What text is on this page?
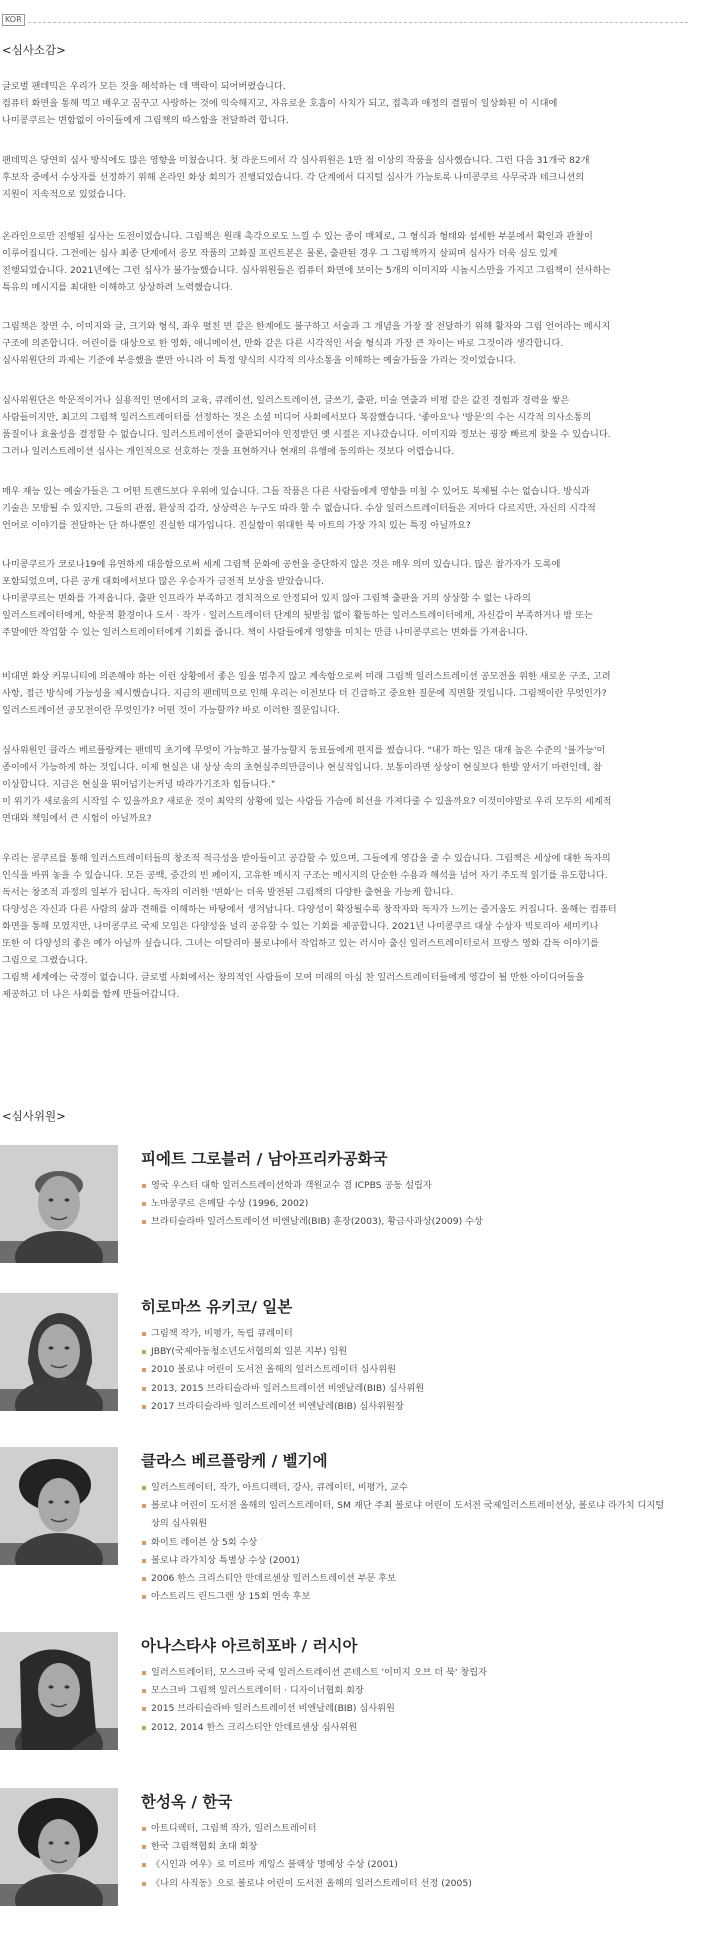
KOR
<심사소감>
글로벌 팬데믹은 우리가 모든 것을 해석하는 데 맥락이 되어버렸습니다.
컴퓨터 화면을 통해 먹고 배우고 꿈꾸고 사랑하는 것에 익숙해지고, 자유로운 호흡이 사치가 되고, 접촉과 애정의 결핍이 일상화된 이 시대에
나미콩쿠르는 변함없이 아이들에게 그림책의 따스함을 전달하려 합니다.
팬데믹은 당연히 심사 방식에도 많은 영향을 미쳤습니다. 첫 라운드에서 각 심사위원은 1만 점 이상의 작품을 심사했습니다. 그런 다음 31개국 82개
후보작 중에서 수상자를 선정하기 위해 온라인 화상 회의가 진행되었습니다. 각 단계에서 디지털 심사가 가능토록 나미콩쿠르 사무국과 테크니션의
지원이 지속적으로 있었습니다.
온라인으로만 진행된 심사는 도전이었습니다. 그림책은 원래 촉각으로도 느낄 수 있는 종이 매체로, 그 형식과 형태와 섬세한 부분에서 확인과 관찰이
이루어집니다. 그전에는 심사 최종 단계에서 응모 작품의 고화질 프린트본은 물론, 출판된 경우 그 그림책까지 살피며 심사가 더욱 심도 있게
진행되었습니다. 2021년에는 그런 심사가 불가능했습니다. 심사위원들은 컴퓨터 화면에 보이는 5개의 이미지와 시놉시스만을 가지고 그림책이 선사하는
특유의 메시지를 최대한 이해하고 상상하려 노력했습니다.
그림책은 장면 수, 이미지와 글, 크기와 형식, 좌우 펼친 면 같은 한계에도 불구하고 서술과 그 개념을 가장 잘 전달하기 위해 활자와 그림 언어라는 메시지
구조에 의존합니다. 어린이를 대상으로 한 영화, 애니메이션, 만화 같은 다른 시각적인 서술 형식과 가장 큰 차이는 바로 그것이라 생각합니다.
심사위원단의 과제는 기준에 부응했을 뿐만 아니라 이 특정 양식의 시각적 의사소통을 이해하는 예술가들을 가리는 것이었습니다.
심사위원단은 학문적이거나 실용적인 면에서의 교육, 큐레이션, 일러스트레이션, 글쓰기, 출판, 미술 연출과 비평 같은 값진 경험과 경력을 쌓은
사람들이지만, 최고의 그림책 일러스트레이터를 선정하는 것은 소셜 미디어 사회에서보다 복잡했습니다. '좋아요'나 '방문'의 수는 시각적 의사소통의
품질이나 효율성을 결정할 수 없습니다. 일러스트레이션이 출판되어야 인정받던 옛 시절은 지나갔습니다. 이미지와 정보는 굉장 빠르게 찾을 수 있습니다.
그러나 일러스트레이션 심사는 개인적으로 선호하는 것을 표현하거나 현재의 유행에 동의하는 것보다 어렵습니다.
매우 재능 있는 예술가들은 그 어떤 트렌드보다 우위에 있습니다. 그들 작품은 다른 사람들에게 영향을 미칠 수 있어도 복제될 수는 없습니다. 방식과
기술은 모방될 수 있지만, 그들의 관점, 환상적 감각, 상상력은 누구도 따라 할 수 없습니다. 수상 일러스트레이터들은 저마다 다르지만, 자신의 시각적
언어로 이야기를 전달하는 단 하나뿐인 진실한 대가입니다. 진실함이 위대한 북 아트의 가장 가치 있는 특징 아닐까요?
나미콩쿠르가 코로나19에 유연하게 대응함으로써 세계 그림책 문화에 공헌을 중단하지 않은 것은 매우 의미 있습니다. 많은 참가자가 도록에
포함되었으며, 다른 공개 대회에서보다 많은 우승자가 금전적 보상을 받았습니다.
나미콩쿠르는 변화를 가져옵니다. 출판 인프라가 부족하고 경치적으로 안정되어 있지 않아 그림책 출판을 거의 상상할 수 없는 나라의
일러스트레이터에게, 학문적 환경이나 도서 · 작가 · 일러스트레이터 단계의 뒷받침 없이 활동하는 일러스트레이터에게, 자신감이 부족하거나 밤 또는
주말에만 작업할 수 있는 일러스트레이터에게 기회를 줍니다. 책이 사람들에게 영향을 미치는 만큼 나미콩쿠르는 변화를 가져옵니다.
비대면 화상 커뮤니티에 의존해야 하는 이런 상황에서 좋은 일을 멈추지 않고 계속함으로써 미래 그림책 일러스트레이션 공모전을 위한 새로운 구조, 고려
사항, 접근 방식에 가능성을 제시했습니다. 지금의 팬데믹으로 인해 우리는 이전보다 더 긴급하고 중요한 질문에 직면할 것입니다. 그림책이란 무엇인가?
일러스트레이션 공모전이란 무엇인가? 어떤 것이 가능할까? 바로 이러한 질문입니다.
심사위원인 클라스 베르플랑케는 팬데믹 초기에 무엇이 가능하고 불가능할지 동료들에게 편지를 썼습니다. "내가 하는 일은 대개 높은 수준의 '불가능'이
종이에서 가능하게 하는 것입니다. 이제 현실은 내 상상 속의 초현실주의만큼이나 현실적입니다. 보통이라면 상상이 현실보다 한발 앞서기 마련인데, 참
이상합니다. 지금은 현실을 뛰어넘기는커녕 따라가기조차 힘듭니다."
이 위기가 새로움의 시작일 수 있을까요? 새로운 것이 최악의 상황에 있는 사람들 가슴에 희선을 가져다줄 수 있을까요? 이것이야말로 우리 모두의 세계적
연대와 책임에서 큰 시험이 아닐까요?
우리는 콩쿠르를 통해 일러스트레이터들의 창조적 적극성을 받아들이고 공감할 수 있으며, 그들에게 영감을 줄 수 있습니다. 그림책은 세상에 대한 독자의
인식을 바꿔 놓을 수 있습니다. 모든 공백, 중간의 빈 페이지, 고유한 메시지 구조는 메시지의 단순한 수용과 해석을 넘어 자기 주도적 읽기를 유도합니다.
독서는 창조적 과정의 일부가 됩니다. 독자의 이러한 '변화'는 더욱 발전된 그림책의 다양한 출현을 가능케 합니다.
다양성은 자신과 다른 사람의 삶과 견해를 이해하는 바탕에서 생겨납니다. 다양성이 확장될수록 창작자와 독자가 느끼는 즐거움도 커집니다. 올해는 컴퓨터
화면을 통해 모였지만, 나미콩쿠르 국제 모임은 다양성을 널리 공유할 수 있는 기회를 제공합니다. 2021년 나미콩쿠르 대상 수상자 빅토리아 세미키나
또한 이 다양성의 좋은 예가 아닐까 싶습니다. 그녀는 이탈리아 볼로냐에서 작업하고 있는 러시아 출신 일러스트레이터로서 프랑스 영화 감독 이야기를
그림으로 그렸습니다.
그림책 세계에는 국경이 없습니다. 글로벌 사회에서는 창의적인 사람들이 모여 미래의 아심 찬 일러스트레이터들에게 영감이 될 만한 아이디어들을
제공하고 더 나은 사회를 함께 만들어갑니다.
<심사위원>
피에트 그로블러 / 남아프리카공화국
영국 우스터 대학 일러스트레이션학과 객원교수 겸 ICPBS 공동 설립자
노마콩쿠르 은메달 수상 (1996, 2002)
브라티슬라바 일러스트레이션 비엔날레(BIB) 훈장(2003), 황금사과상(2009) 수상
히로마쓰 유키코/ 일본
그림책 작가, 비평가, 독립 큐레이터
JBBY(국제아동청소년도서협의회 일본 지부) 임원
2010 볼로냐 어린이 도서전 올해의 일러스트레이터 심사위원
2013, 2015 브라티슬라바 일러스트레이션 비엔날레(BIB) 심사위원
2017 브라티슬라바 일러스트레이션 비엔날레(BIB) 심사위원장
클라스 베르플랑케 / 벨기에
일러스트레이터, 작가, 아트디렉터, 강사, 큐레이터, 비평가, 교수
볼로냐 어린이 도서전 올해의 일러스트레이터, SM 재단 주최 볼로냐 어린이 도서전 국제일러스트레이션상, 볼로냐 라가치 디지털상의 심사위원
화이트 레이븐 상 5회 수상
볼로냐 라가치상 특별상 수상 (2001)
2006 한스 크리스티안 안데르센상 일러스트레이션 부문 후보
아스트리드 린드그렌 상 15회 연속 후보
아나스타샤 아르히포바 / 러시아
일러스트레이터, 모스크바 국제 일러스트레이션 콘테스트 '이미지 오브 더 북' 창립자
모스크바 그림책 일러스트레이터 · 디자이너협회 회장
2015 브라티슬라바 일러스트레이션 비엔날레(BIB) 심사위원
2012, 2014 한스 크리스티안 안데르센상 심사위원
한성옥 / 한국
아트디렉터, 그림책 작가, 일러스트레이터
한국 그림책협회 초대 회장
《시인과 여우》로 미르마 게잉스 블랙상 명예상 수상 (2001)
《나의 사직동》으로 볼로냐 어린이 도서전 올해의 일러스트레이터 선정 (2005)
